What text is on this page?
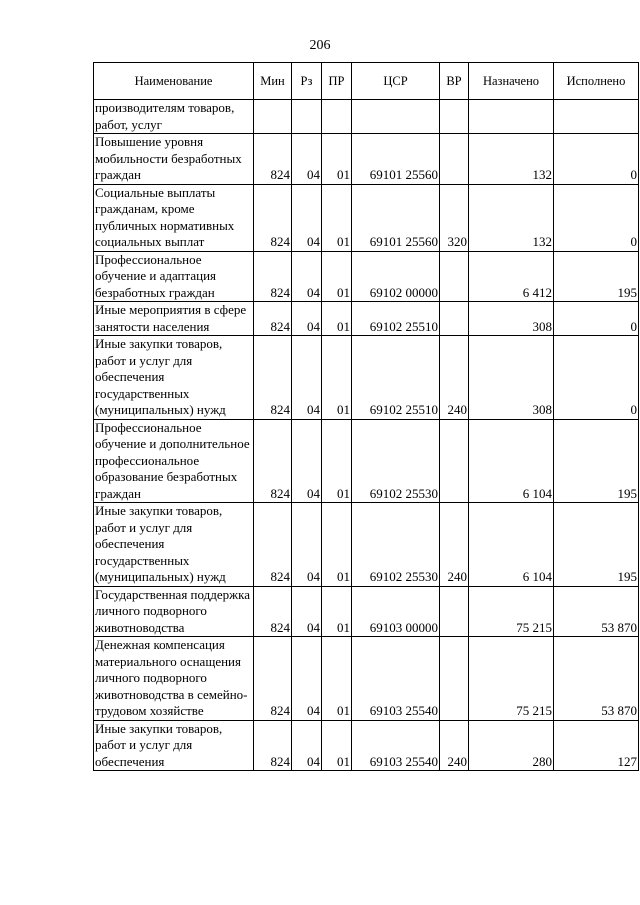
206
Наименование	Мин	Рз	ПР	ЦСР	ВР	Назначено	Исполнено
производителям товаров, работ, услуг							
Повышение уровня мобильности безработных граждан	824	04	01	69101 25560		132	0
Социальные выплаты гражданам, кроме публичных нормативных социальных выплат	824	04	01	69101 25560	320	132	0
Профессиональное обучение и адаптация безработных граждан	824	04	01	69102 00000		6 412	195
Иные мероприятия в сфере занятости населения	824	04	01	69102 25510		308	0
Иные закупки товаров, работ и услуг для обеспечения государственных (муниципальных) нужд	824	04	01	69102 25510	240	308	0
Профессиональное обучение и дополнительное профессиональное образование безработных граждан	824	04	01	69102 25530		6 104	195
Иные закупки товаров, работ и услуг для обеспечения государственных (муниципальных) нужд	824	04	01	69102 25530	240	6 104	195
Государственная поддержка личного подворного животноводства	824	04	01	69103 00000		75 215	53 870
Денежная компенсация материального оснащения личного подворного животноводства в семейно-трудовом хозяйстве	824	04	01	69103 25540		75 215	53 870
Иные закупки товаров, работ и услуг для обеспечения	824	04	01	69103 25540	240	280	127
